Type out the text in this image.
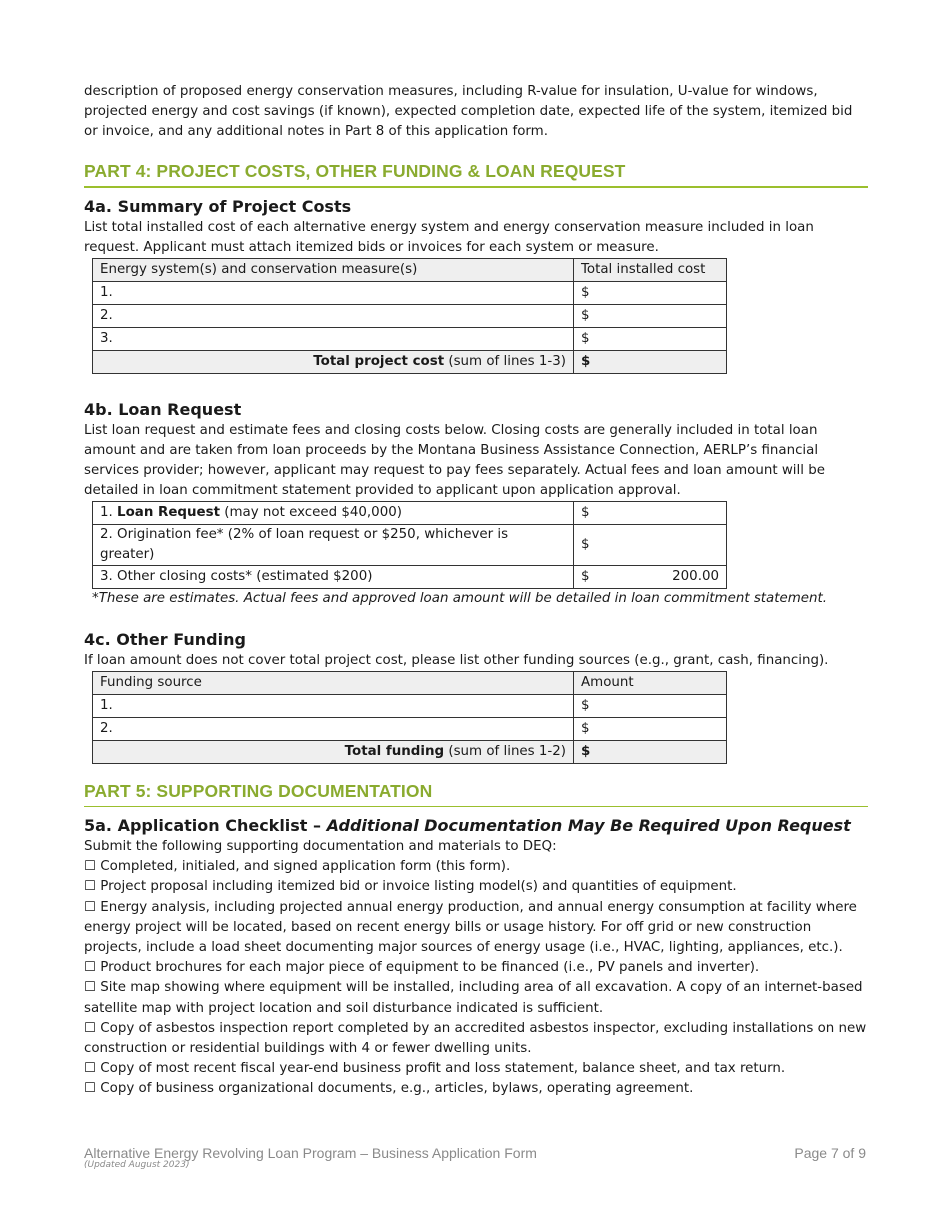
description of proposed energy conservation measures, including R-value for insulation, U-value for windows, projected energy and cost savings (if known), expected completion date, expected life of the system, itemized bid or invoice, and any additional notes in Part 8 of this application form.

PART 4: PROJECT COSTS, OTHER FUNDING & LOAN REQUEST
4a. Summary of Project Costs

List total installed cost of each alternative energy system and energy conservation measure included in loan request. Applicant must attach itemized bids or invoices for each system or measure.

Energy system(s) and conservation measure(s)	Total installed cost
1.	$
2.	$
3.	$
Total project cost (sum of lines 1-3)	$
4b. Loan Request

List loan request and estimate fees and closing costs below. Closing costs are generally included in total loan amount and are taken from loan proceeds by the Montana Business Assistance Connection, AERLP’s financial services provider; however, applicant may request to pay fees separately. Actual fees and loan amount will be detailed in loan commitment statement provided to applicant upon application approval.

1. Loan Request (may not exceed $40,000)	$
2. Origination fee* (2% of loan request or $250, whichever is greater)	$
3. Other closing costs* (estimated $200)	$ 200.00

*These are estimates. Actual fees and approved loan amount will be detailed in loan commitment statement.

4c. Other Funding

If loan amount does not cover total project cost, please list other funding sources (e.g., grant, cash, financing).

Funding source	Amount
1.	$
2.	$
Total funding (sum of lines 1-2)	$
PART 5: SUPPORTING DOCUMENTATION
5a. Application Checklist – Additional Documentation May Be Required Upon Request

Submit the following supporting documentation and materials to DEQ:

☐ Completed, initialed, and signed application form (this form).

☐ Project proposal including itemized bid or invoice listing model(s) and quantities of equipment.

☐ Energy analysis, including projected annual energy production, and annual energy consumption at facility where energy project will be located, based on recent energy bills or usage history. For off grid or new construction projects, include a load sheet documenting major sources of energy usage (i.e., HVAC, lighting, appliances, etc.).

☐ Product brochures for each major piece of equipment to be financed (i.e., PV panels and inverter).

☐ Site map showing where equipment will be installed, including area of all excavation. A copy of an internet-based satellite map with project location and soil disturbance indicated is sufficient.

☐ Copy of asbestos inspection report completed by an accredited asbestos inspector, excluding installations on new construction or residential buildings with 4 or fewer dwelling units.

☐ Copy of most recent fiscal year-end business profit and loss statement, balance sheet, and tax return.

☐ Copy of business organizational documents, e.g., articles, bylaws, operating agreement.

Alternative Energy Revolving Loan Program – Business Application Form	Page 7 of 9
(Updated August 2023)
